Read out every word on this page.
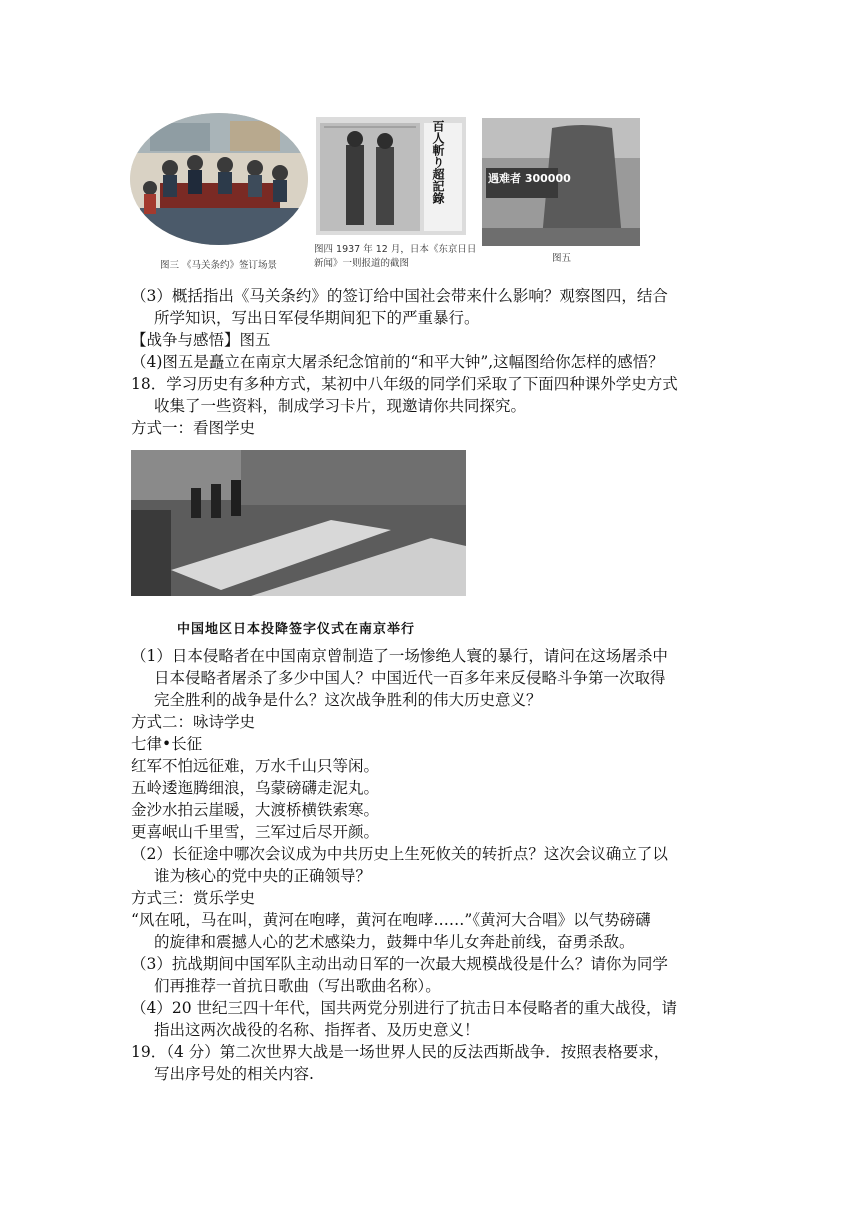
图三 《马关条约》签订场景
百人斬り超記錄
图四 1937 年 12 月，日本《东京日日
新闻》一则报道的截图
遇难者 300000
图五
（3）概括指出《马关条约》的签订给中国社会带来什么影响？观察图四，结合
所学知识，写出日军侵华期间犯下的严重暴行。
【战争与感悟】图五
（4)图五是矗立在南京大屠杀纪念馆前的“和平大钟”,这幅图给你怎样的感悟？
18．学习历史有多种方式，某初中八年级的同学们采取了下面四种课外学史方式
收集了一些资料，制成学习卡片，现邀请你共同探究。
方式一：看图学史
中国地区日本投降签字仪式在南京举行
（1）日本侵略者在中国南京曾制造了一场惨绝人寰的暴行，请问在这场屠杀中
日本侵略者屠杀了多少中国人？中国近代一百多年来反侵略斗争第一次取得
完全胜利的战争是什么？这次战争胜利的伟大历史意义？
方式二：咏诗学史
七律•长征
红军不怕远征难，万水千山只等闲。
五岭逶迤腾细浪，乌蒙磅礴走泥丸。
金沙水拍云崖暖，大渡桥横铁索寒。
更喜岷山千里雪，三军过后尽开颜。
（2）长征途中哪次会议成为中共历史上生死攸关的转折点？这次会议确立了以
谁为核心的党中央的正确领导？
方式三：赏乐学史
“风在吼，马在叫，黄河在咆哮，黄河在咆哮……”《黄河大合唱》以气势磅礴
的旋律和震撼人心的艺术感染力，鼓舞中华儿女奔赴前线，奋勇杀敌。
（3）抗战期间中国军队主动出动日军的一次最大规模战役是什么？请你为同学
们再推荐一首抗日歌曲（写出歌曲名称）。
（4）20 世纪三四十年代，国共两党分别进行了抗击日本侵略者的重大战役，请
指出这两次战役的名称、指挥者、及历史意义！
19．（4 分）第二次世界大战是一场世界人民的反法西斯战争．按照表格要求，
写出序号处的相关内容.
